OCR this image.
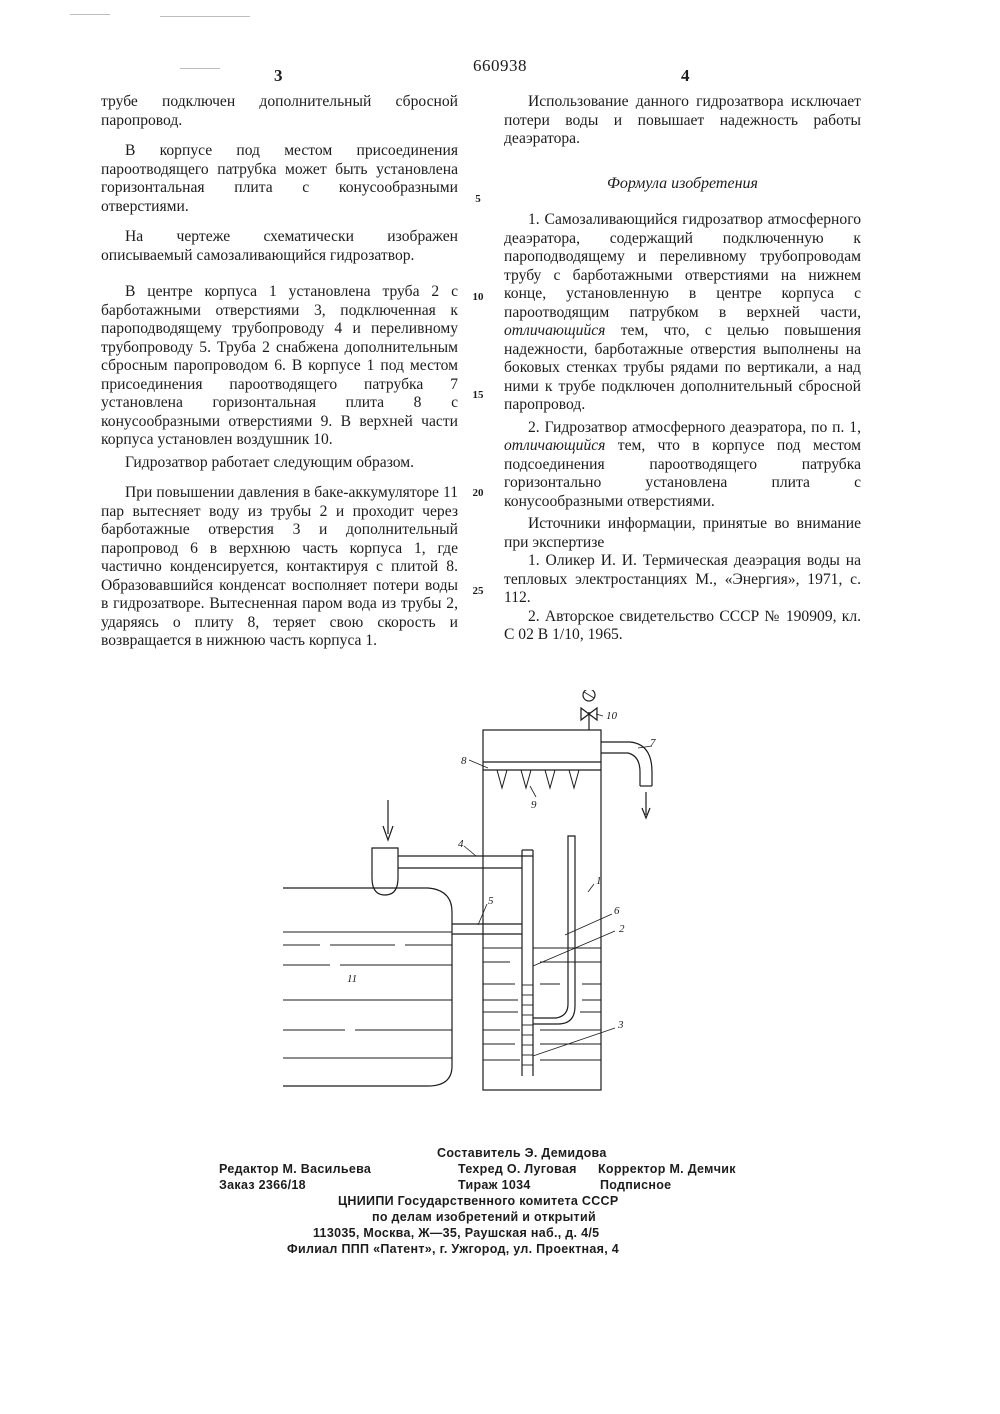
660938
3	4

трубе подключен дополнительный сбросной паропровод.

В корпусе под местом присоединения пароотводящего патрубка может быть установлена горизонтальная плита с конусообразными отверстиями.

На чертеже схематически изображен описываемый самозаливающийся гидрозатвор.

В центре корпуса 1 установлена труба 2 с барботажными отверстиями 3, подключенная к пароподводящему трубопроводу 4 и переливному трубопроводу 5. Труба 2 снабжена дополнительным сбросным паропроводом 6. В корпусе 1 под местом присоединения пароотводящего патрубка 7 установлена горизонтальная плита 8 с конусообразными отверстиями 9. В верхней части корпуса установлен воздушник 10.

Гидрозатвор работает следующим образом.

При повышении давления в баке-аккумуляторе 11 пар вытесняет воду из трубы 2 и проходит через барботажные отверстия 3 и дополнительный паропровод 6 в верхнюю часть корпуса 1, где частично конденсируется, контактируя с плитой 8. Образовавшийся конденсат восполняет потери воды в гидрозатворе. Вытесненная паром вода из трубы 2, ударяясь о плиту 8, теряет свою скорость и возвращается в нижнюю часть корпуса 1.

Использование данного гидрозатвора исключает потери воды и повышает надежность работы деаэратора.

Формула изобретения

1. Самозаливающийся гидрозатвор атмосферного деаэратора, содержащий подключенную к пароподводящему и переливному трубопроводам трубу с барботажными отверстиями на нижнем конце, установленную в центре корпуса с пароотводящим патрубком в верхней части, отличающийся тем, что, с целью повышения надежности, барботажные отверстия выполнены на боковых стенках трубы рядами по вертикали, а над ними к трубе подключен дополнительный сбросной паропровод.

2. Гидрозатвор атмосферного деаэратора, по п. 1, отличающийся тем, что в корпусе под местом подсоединения пароотводящего патрубка горизонтально установлена плита с конусообразными отверстиями.

Источники информации, принятые во внимание при экспертизе

1. Оликер И. И. Термическая деаэрация воды на тепловых электростанциях М., «Энергия», 1971, с. 112.

2. Авторское свидетельство СССР № 190909, кл. С 02 В 1/10, 1965.

5
10
15
20
25
8
9
10
7
4
5
1
6
2
3
11
Составитель Э. Демидова
Редактор М. Васильева	Техред О. Луговая Корректор М. Демчик
Заказ 2366/18	Тираж 1034	Подписное
ЦНИИПИ Государственного комитета СССР
по делам изобретений и открытий
113035, Москва, Ж—35, Раушская наб., д. 4/5
Филиал ППП «Патент», г. Ужгород, ул. Проектная, 4
